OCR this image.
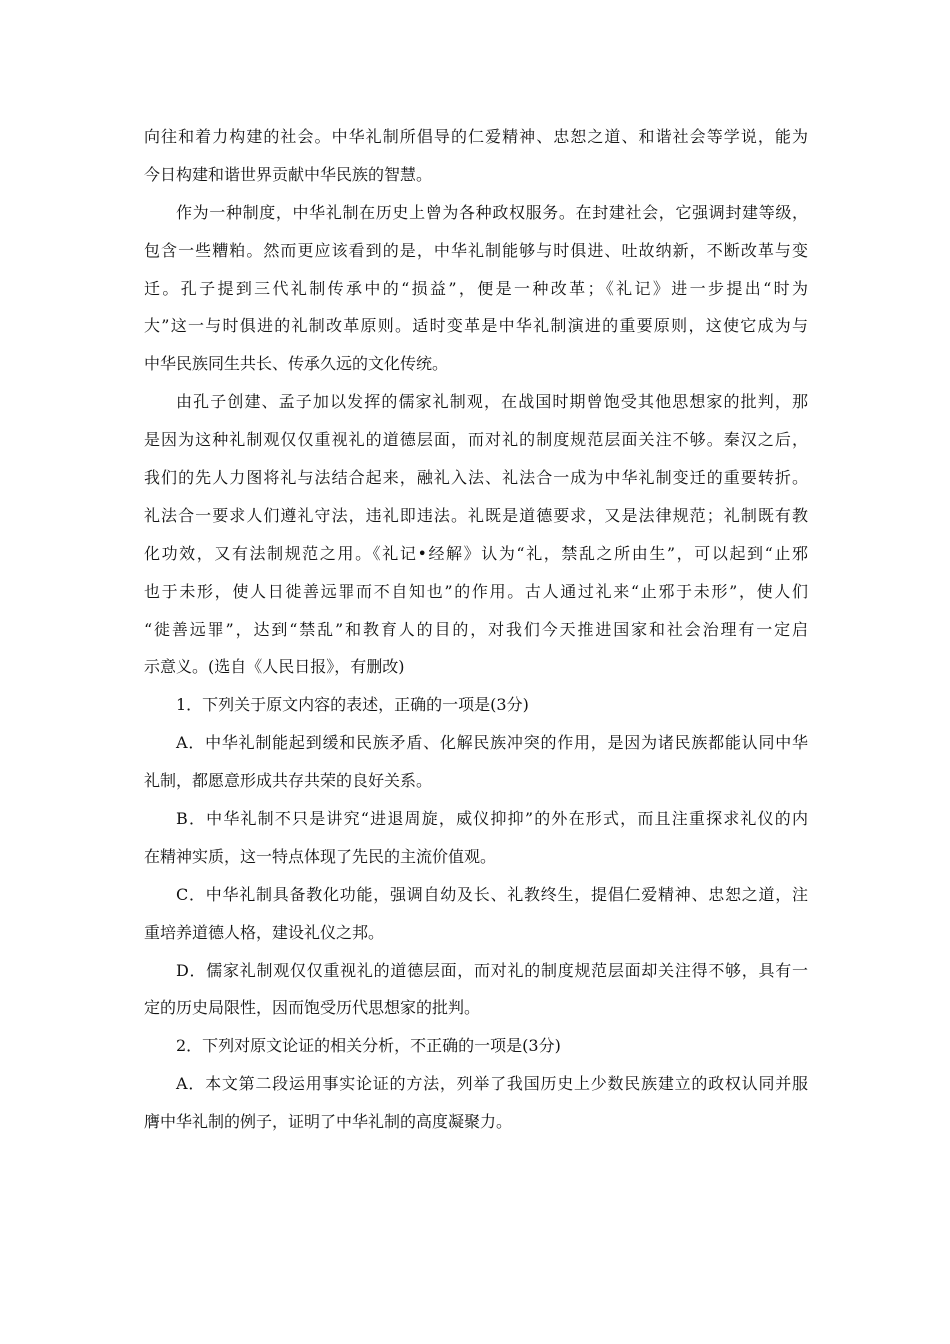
向往和着力构建的社会。中华礼制所倡导的仁爱精神、忠恕之道、和谐社会等学说，能为
今日构建和谐世界贡献中华民族的智慧。
作为一种制度，中华礼制在历史上曾为各种政权服务。在封建社会，它强调封建等级，
包含一些糟粕。然而更应该看到的是，中华礼制能够与时俱进、吐故纳新，不断改革与变
迁。孔子提到三代礼制传承中的“损益”，便是一种改革；《礼记》进一步提出“时为
大”这一与时俱进的礼制改革原则。适时变革是中华礼制演进的重要原则，这使它成为与
中华民族同生共长、传承久远的文化传统。
由孔子创建、孟子加以发挥的儒家礼制观，在战国时期曾饱受其他思想家的批判，那
是因为这种礼制观仅仅重视礼的道德层面，而对礼的制度规范层面关注不够。秦汉之后，
我们的先人力图将礼与法结合起来，融礼入法、礼法合一成为中华礼制变迁的重要转折。
礼法合一要求人们遵礼守法，违礼即违法。礼既是道德要求，又是法律规范；礼制既有教
化功效，又有法制规范之用。《礼记•经解》认为“礼，禁乱之所由生”，可以起到“止邪
也于未形，使人日徙善远罪而不自知也”的作用。古人通过礼来“止邪于未形”，使人们
“徙善远罪”，达到“禁乱”和教育人的目的，对我们今天推进国家和社会治理有一定启
示意义。(选自《人民日报》，有删改)
1．下列关于原文内容的表述，正确的一项是(3分)
A．中华礼制能起到缓和民族矛盾、化解民族冲突的作用，是因为诸民族都能认同中华
礼制，都愿意形成共存共荣的良好关系。
B．中华礼制不只是讲究“进退周旋，威仪抑抑”的外在形式，而且注重探求礼仪的内
在精神实质，这一特点体现了先民的主流价值观。
C．中华礼制具备教化功能，强调自幼及长、礼教终生，提倡仁爱精神、忠恕之道，注
重培养道德人格，建设礼仪之邦。
D．儒家礼制观仅仅重视礼的道德层面，而对礼的制度规范层面却关注得不够，具有一
定的历史局限性，因而饱受历代思想家的批判。
2．下列对原文论证的相关分析，不正确的一项是(3分)
A．本文第二段运用事实论证的方法，列举了我国历史上少数民族建立的政权认同并服
膺中华礼制的例子，证明了中华礼制的高度凝聚力。
